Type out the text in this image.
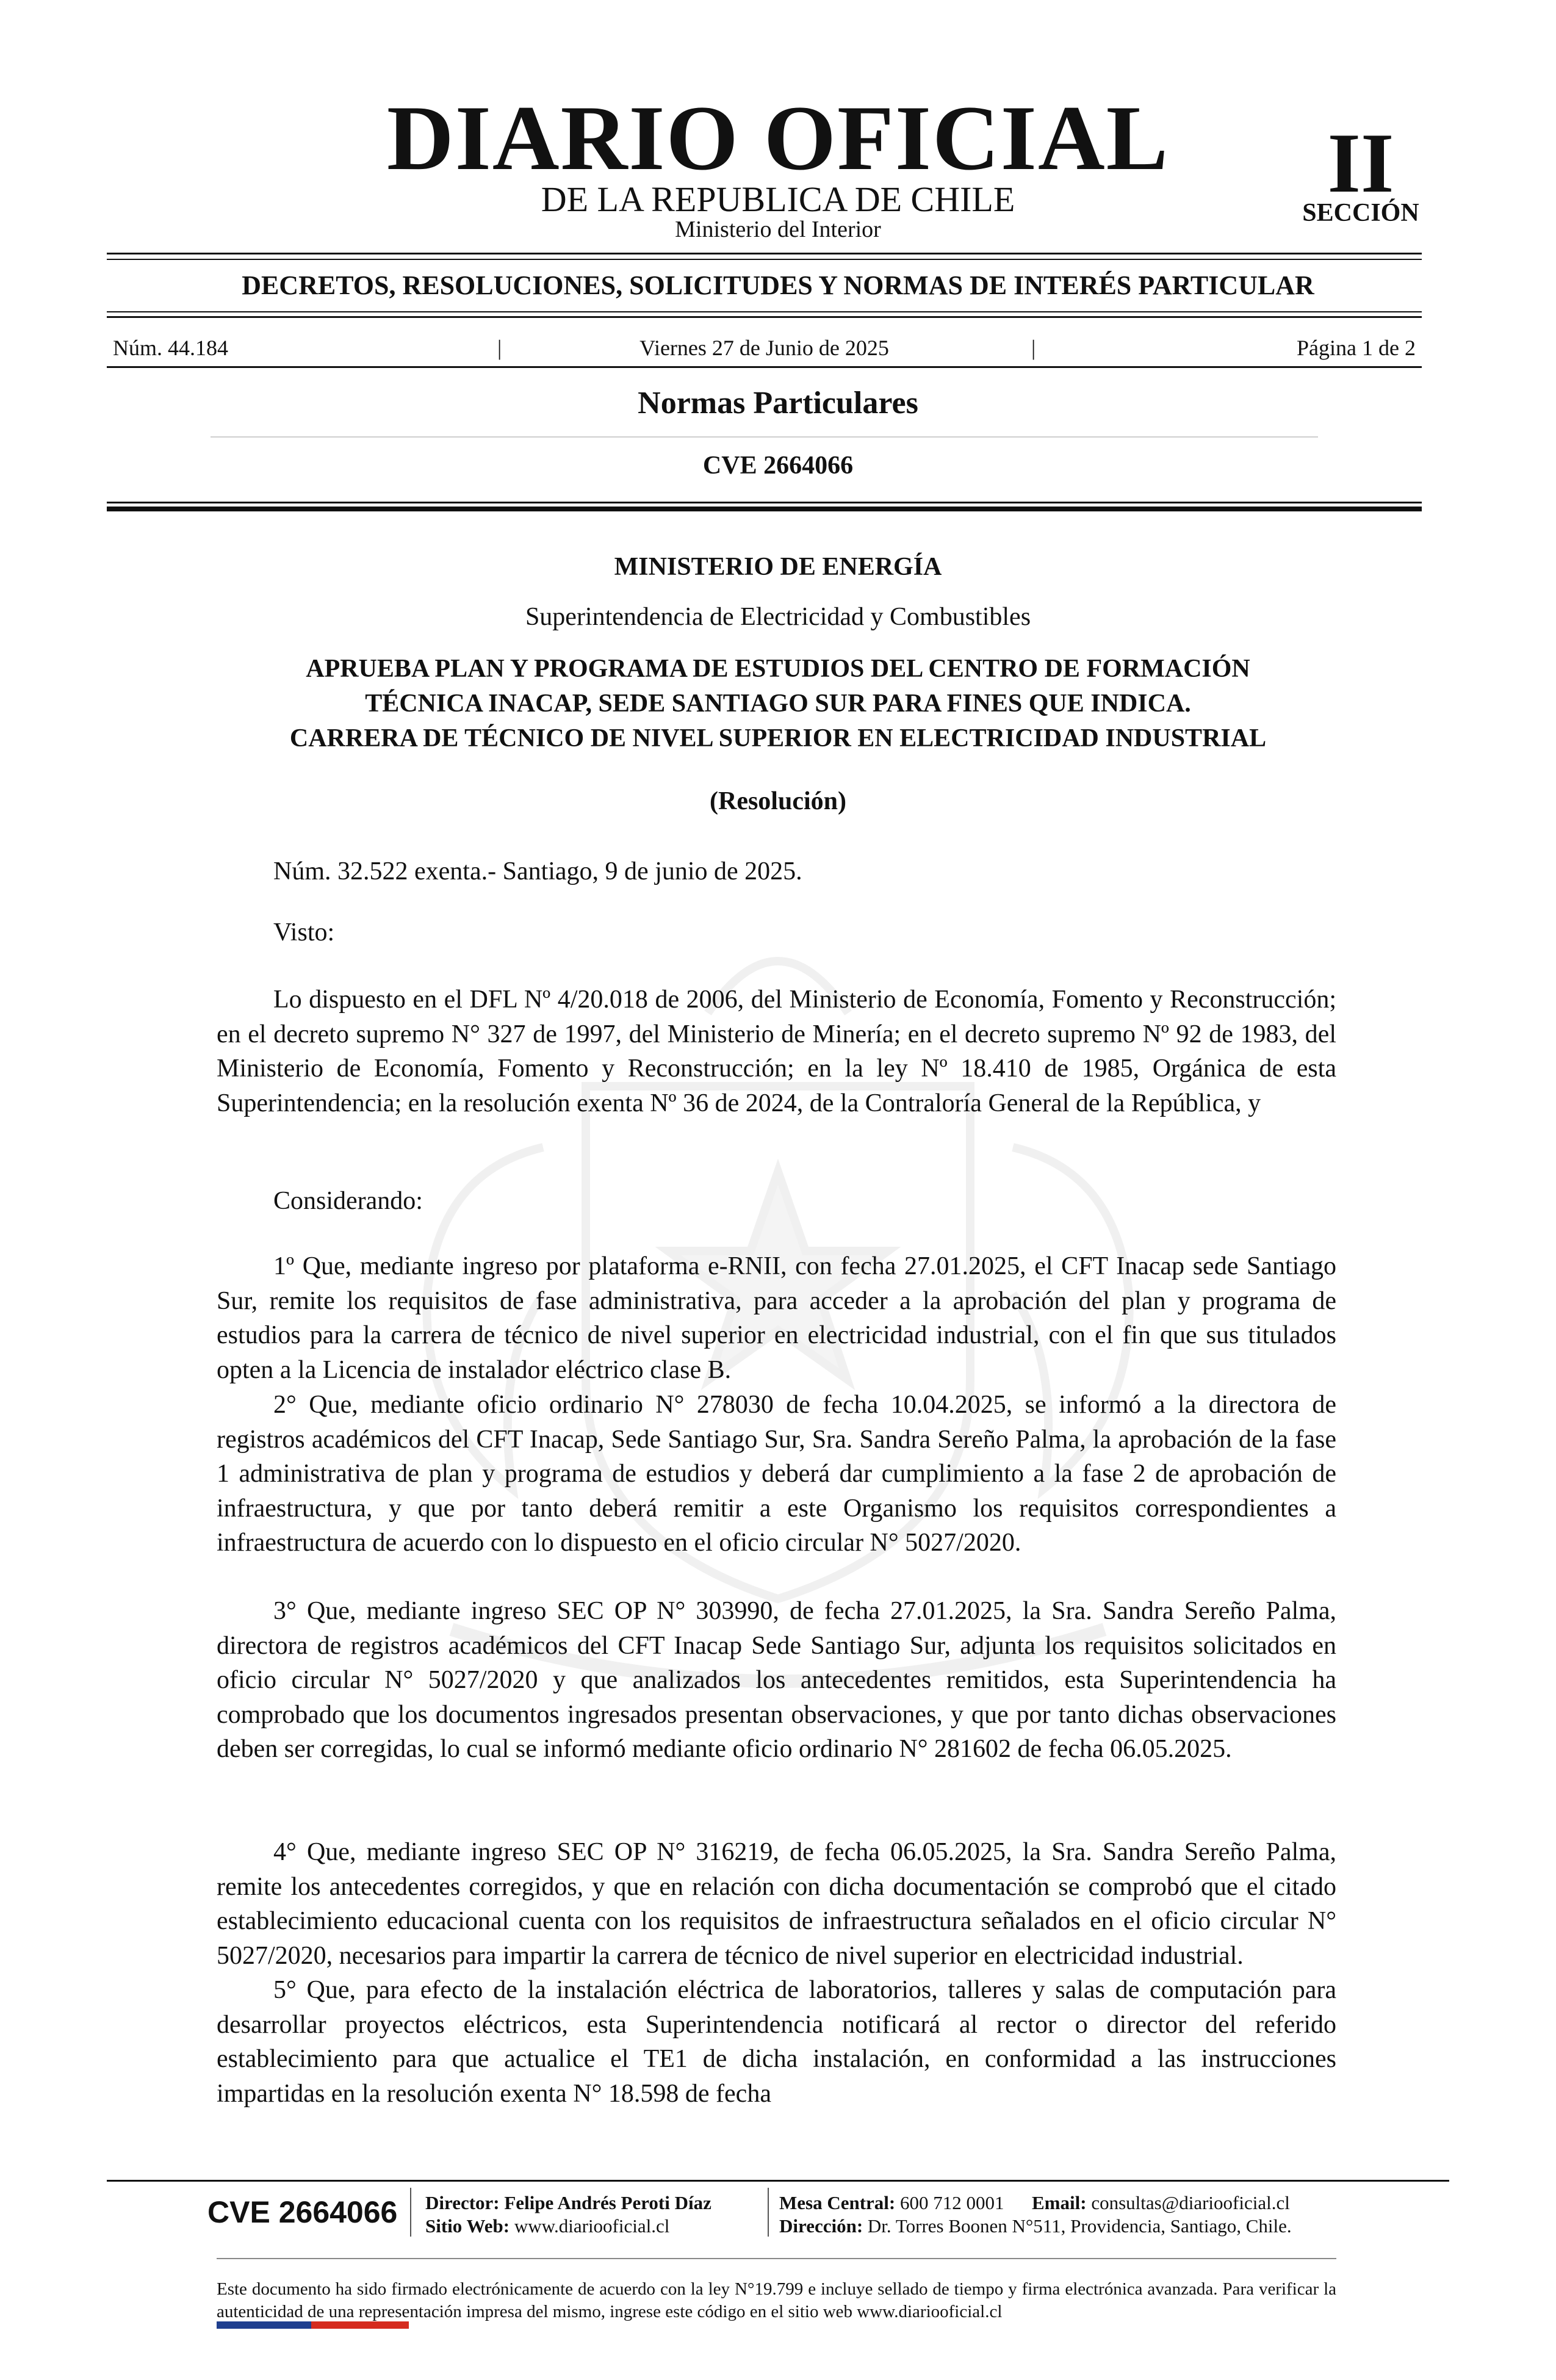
DIARIO OFICIAL
DE LA REPUBLICA DE CHILE
Ministerio del Interior
II
SECCIÓN
DECRETOS, RESOLUCIONES, SOLICITUDES Y NORMAS DE INTERÉS PARTICULAR
Viernes 27 de Junio de 2025
Núm. 44.184	|	|	Página 1 de 2
Normas Particulares
CVE 2664066
MINISTERIO DE ENERGÍA
Superintendencia de Electricidad y Combustibles
APRUEBA PLAN Y PROGRAMA DE ESTUDIOS DEL CENTRO DE FORMACIÓN
TÉCNICA INACAP, SEDE SANTIAGO SUR PARA FINES QUE INDICA.
CARRERA DE TÉCNICO DE NIVEL SUPERIOR EN ELECTRICIDAD INDUSTRIAL
(Resolución)

Núm. 32.522 exenta.- Santiago, 9 de junio de 2025.

Visto:

Lo dispuesto en el DFL Nº 4/20.018 de 2006, del Ministerio de Economía, Fomento y Reconstrucción; en el decreto supremo N° 327 de 1997, del Ministerio de Minería; en el decreto supremo Nº 92 de 1983, del Ministerio de Economía, Fomento y Reconstrucción; en la ley Nº 18.410 de 1985, Orgánica de esta Superintendencia; en la resolución exenta Nº 36 de 2024, de la Contraloría General de la República, y

Considerando:

1º Que, mediante ingreso por plataforma e-RNII, con fecha 27.01.2025, el CFT Inacap sede Santiago Sur, remite los requisitos de fase administrativa, para acceder a la aprobación del plan y programa de estudios para la carrera de técnico de nivel superior en electricidad industrial, con el fin que sus titulados opten a la Licencia de instalador eléctrico clase B.

2° Que, mediante oficio ordinario N° 278030 de fecha 10.04.2025, se informó a la directora de registros académicos del CFT Inacap, Sede Santiago Sur, Sra. Sandra Sereño Palma, la aprobación de la fase 1 administrativa de plan y programa de estudios y deberá dar cumplimiento a la fase 2 de aprobación de infraestructura, y que por tanto deberá remitir a este Organismo los requisitos correspondientes a infraestructura de acuerdo con lo dispuesto en el oficio circular N° 5027/2020.

3° Que, mediante ingreso SEC OP N° 303990, de fecha 27.01.2025, la Sra. Sandra Sereño Palma, directora de registros académicos del CFT Inacap Sede Santiago Sur, adjunta los requisitos solicitados en oficio circular N° 5027/2020 y que analizados los antecedentes remitidos, esta Superintendencia ha comprobado que los documentos ingresados presentan observaciones, y que por tanto dichas observaciones deben ser corregidas, lo cual se informó mediante oficio ordinario N° 281602 de fecha 06.05.2025.

4° Que, mediante ingreso SEC OP N° 316219, de fecha 06.05.2025, la Sra. Sandra Sereño Palma, remite los antecedentes corregidos, y que en relación con dicha documentación se comprobó que el citado establecimiento educacional cuenta con los requisitos de infraestructura señalados en el oficio circular N° 5027/2020, necesarios para impartir la carrera de técnico de nivel superior en electricidad industrial.

5° Que, para efecto de la instalación eléctrica de laboratorios, talleres y salas de computación para desarrollar proyectos eléctricos, esta Superintendencia notificará al rector o director del referido establecimiento para que actualice el TE1 de dicha instalación, en conformidad a las instrucciones impartidas en la resolución exenta N° 18.598 de fecha

CVE 2664066 Director: Felipe Andrés Peroti Díaz
Sitio Web: www.diariooficial.cl
Mesa Central: 600 712 0001 Email: consultas@diariooficial.cl
Dirección: Dr. Torres Boonen N°511, Providencia, Santiago, Chile.
Este documento ha sido firmado electrónicamente de acuerdo con la ley N°19.799 e incluye sellado de tiempo y firma electrónica avanzada. Para verificar la autenticidad de una representación impresa del mismo, ingrese este código en el sitio web www.diariooficial.cl
